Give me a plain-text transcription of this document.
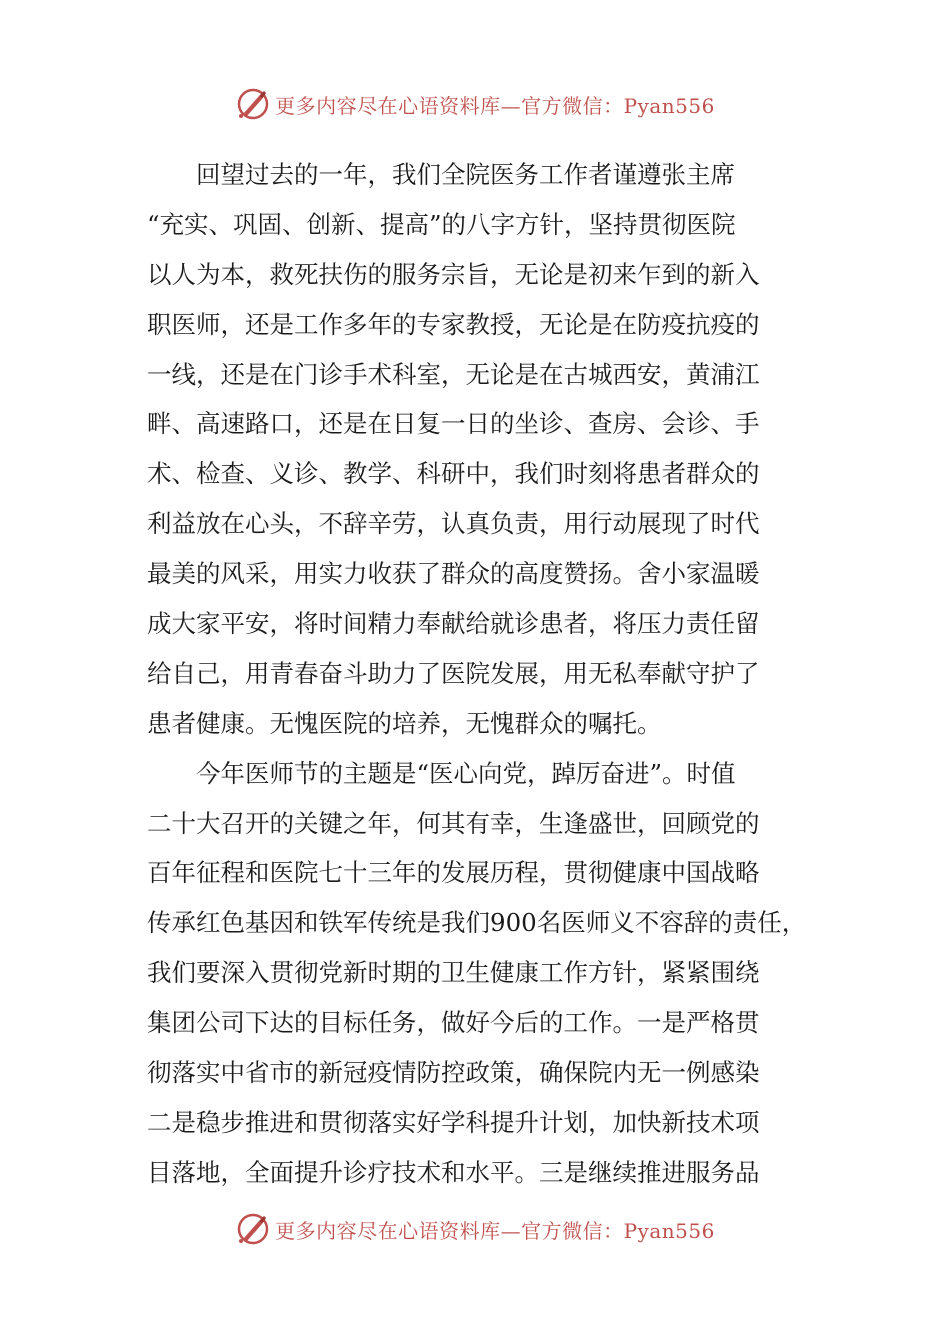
更多内容尽在心语资料库—官方微信：Pyan556
回望过去的一年，我们全院医务工作者谨遵张主席
“充实、巩固、创新、提高”的八字方针，坚持贯彻医院
以人为本，救死扶伤的服务宗旨，无论是初来乍到的新入
职医师，还是工作多年的专家教授，无论是在防疫抗疫的
一线，还是在门诊手术科室，无论是在古城西安，黄浦江
畔、高速路口，还是在日复一日的坐诊、查房、会诊、手
术、检查、义诊、教学、科研中，我们时刻将患者群众的
利益放在心头，不辞辛劳，认真负责，用行动展现了时代
最美的风采，用实力收获了群众的高度赞扬。舍小家温暖
成大家平安，将时间精力奉献给就诊患者，将压力责任留
给自己，用青春奋斗助力了医院发展，用无私奉献守护了
患者健康。无愧医院的培养，无愧群众的嘱托。
今年医师节的主题是“医心向党，踔厉奋进”。时值
二十大召开的关键之年，何其有幸，生逢盛世，回顾党的
百年征程和医院七十三年的发展历程，贯彻健康中国战略
传承红色基因和铁军传统是我们900名医师义不容辞的责任，
我们要深入贯彻党新时期的卫生健康工作方针，紧紧围绕
集团公司下达的目标任务，做好今后的工作。一是严格贯
彻落实中省市的新冠疫情防控政策，确保院内无一例感染
二是稳步推进和贯彻落实好学科提升计划，加快新技术项
目落地，全面提升诊疗技术和水平。三是继续推进服务品
更多内容尽在心语资料库—官方微信：Pyan556
